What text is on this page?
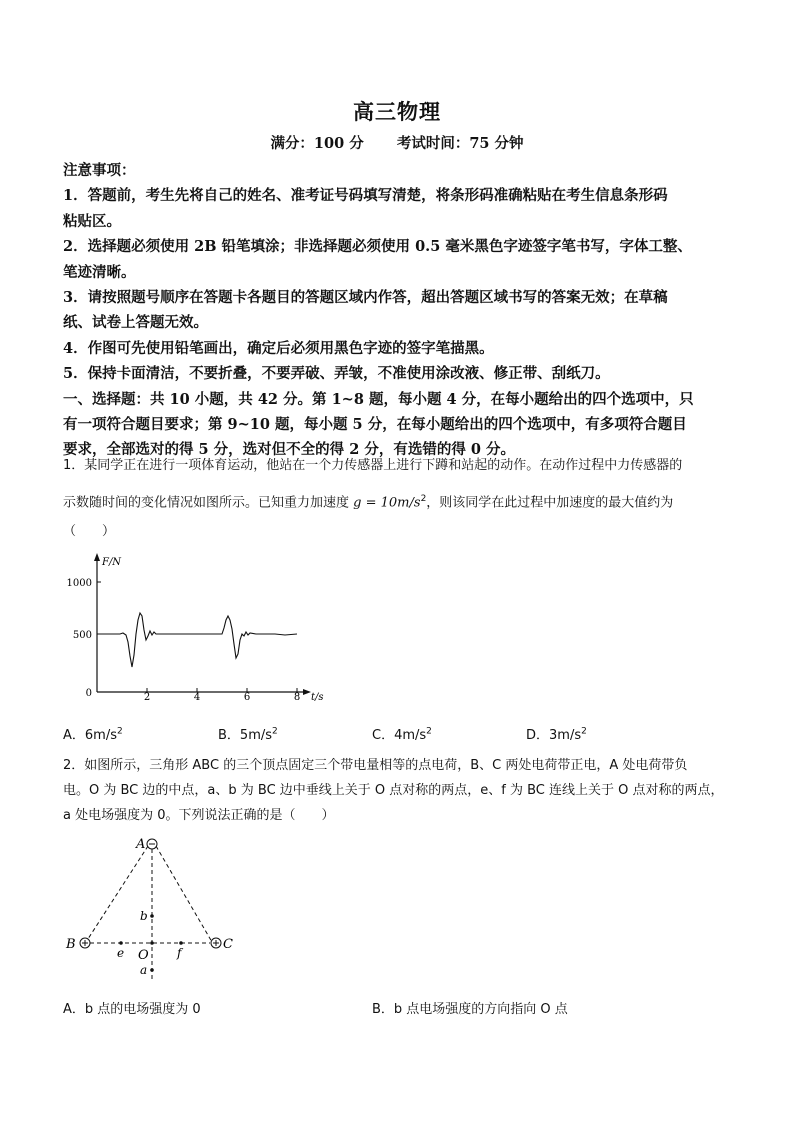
高三物理
满分：100 分 考试时间：75 分钟

注意事项：

1．答题前，考生先将自己的姓名、准考证号码填写清楚，将条形码准确粘贴在考生信息条形码

粘贴区。

2．选择题必须使用 2B 铅笔填涂；非选择题必须使用 0.5 毫米黑色字迹签字笔书写，字体工整、

笔迹清晰。

3．请按照题号顺序在答题卡各题目的答题区域内作答，超出答题区域书写的答案无效；在草稿

纸、试卷上答题无效。

4．作图可先使用铅笔画出，确定后必须用黑色字迹的签字笔描黑。

5．保持卡面清洁，不要折叠，不要弄破、弄皱，不准使用涂改液、修正带、刮纸刀。

一、选择题：共 10 小题，共 42 分。第 1~8 题，每小题 4 分，在每小题给出的四个选项中，只

有一项符合题目要求；第 9~10 题，每小题 5 分，在每小题给出的四个选项中，有多项符合题目

要求，全部选对的得 5 分，选对但不全的得 2 分，有选错的得 0 分。

1．某同学正在进行一项体育运动，他站在一个力传感器上进行下蹲和站起的动作。在动作过程中力传感器的
示数随时间的变化情况如图所示。已知重力加速度 $g = 10m/s^2$，则该同学在此过程中加速度的最大值约为
（　　）
1000
500
0	2	4	6	8
F/N
t/s
A．$6m/s^2$	B．$5m/s^2$	C．$4m/s^2$	D．$3m/s^2$
2．如图所示，三角形 ABC 的三个顶点固定三个带电量相等的点电荷，B、C 两处电荷带正电，A 处电荷带负
电。O 为 BC 边的中点，a、b 为 BC 边中垂线上关于 O 点对称的两点，e、f 为 BC 连线上关于 O 点对称的两点，
a 处电场强度为 0。下列说法正确的是（　　）
A
B	C
b
O
a
e	f
A．b 点的电场强度为 0	B．b 点电场强度的方向指向 O 点
